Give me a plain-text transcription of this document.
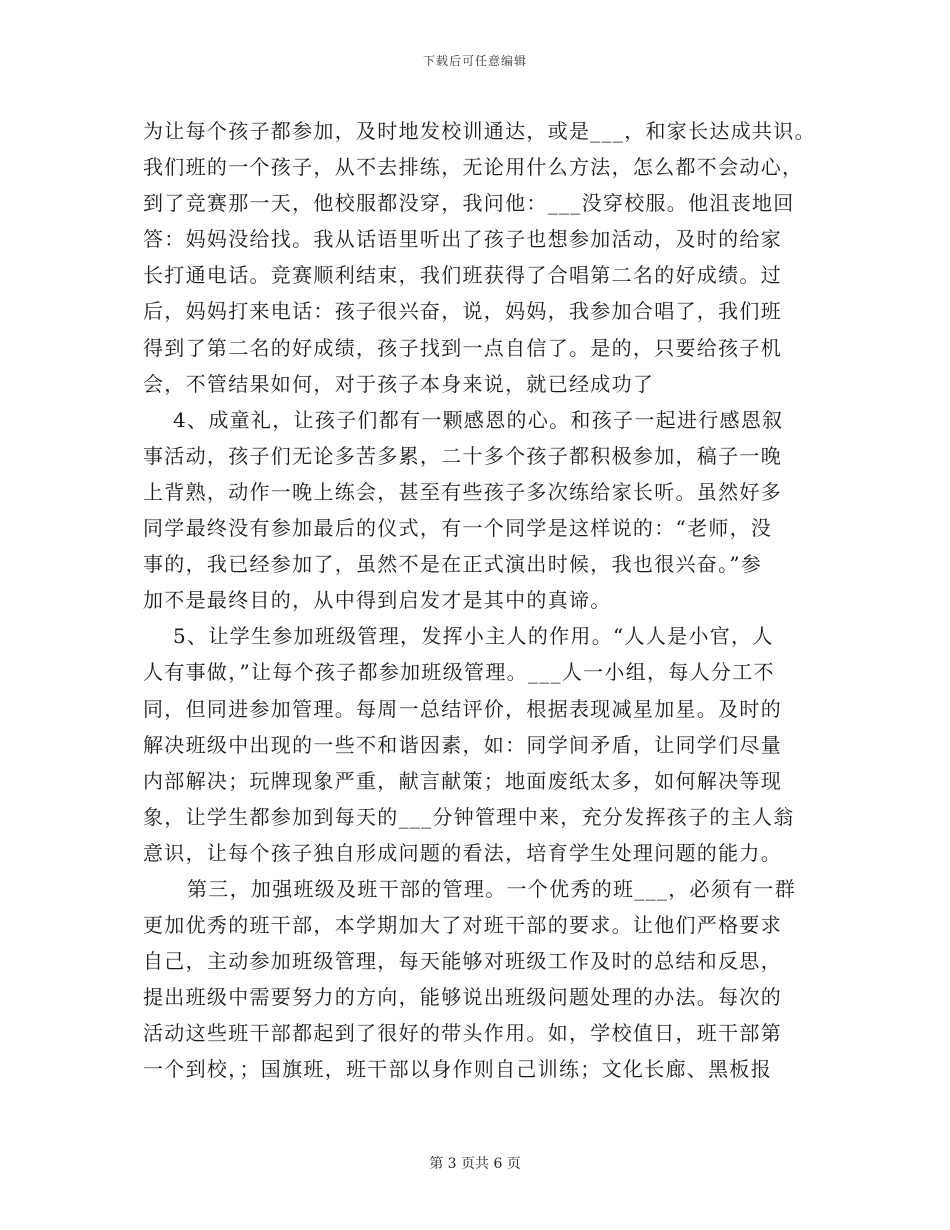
下载后可任意编辑
为让每个孩子都参加，及时地发校训通达，或是___，和家长达成共识。
我们班的一个孩子，从不去排练，无论用什么方法，怎么都不会动心，
到了竞赛那一天，他校服都没穿，我问他：___没穿校服。他沮丧地回
答：妈妈没给找。我从话语里听出了孩子也想参加活动，及时的给家
长打通电话。竞赛顺利结束，我们班获得了合唱第二名的好成绩。过
后，妈妈打来电话：孩子很兴奋，说，妈妈，我参加合唱了，我们班
得到了第二名的好成绩，孩子找到一点自信了。是的，只要给孩子机
会，不管结果如何，对于孩子本身来说，就已经成功了
4、成童礼，让孩子们都有一颗感恩的心。和孩子一起进行感恩叙
事活动，孩子们无论多苦多累，二十多个孩子都积极参加，稿子一晚
上背熟，动作一晚上练会，甚至有些孩子多次练给家长听。虽然好多
同学最终没有参加最后的仪式，有一个同学是这样说的：“老师，没
事的，我已经参加了，虽然不是在正式演出时候，我也很兴奋。”参
加不是最终目的，从中得到启发才是其中的真谛。
5、让学生参加班级管理，发挥小主人的作用。“人人是小官，人
人有事做，”让每个孩子都参加班级管理。___人一小组，每人分工不
同，但同进参加管理。每周一总结评价，根据表现减星加星。及时的
解决班级中出现的一些不和谐因素，如：同学间矛盾，让同学们尽量
内部解决；玩牌现象严重，献言献策；地面废纸太多，如何解决等现
象，让学生都参加到每天的___分钟管理中来，充分发挥孩子的主人翁
意识，让每个孩子独自形成问题的看法，培育学生处理问题的能力。
第三，加强班级及班干部的管理。一个优秀的班___，必须有一群
更加优秀的班干部，本学期加大了对班干部的要求。让他们严格要求
自己，主动参加班级管理，每天能够对班级工作及时的总结和反思，
提出班级中需要努力的方向，能够说出班级问题处理的办法。每次的
活动这些班干部都起到了很好的带头作用。如，学校值日，班干部第
一个到校，；国旗班，班干部以身作则自己训练；文化长廊、黑板报
第 3 页共 6 页
